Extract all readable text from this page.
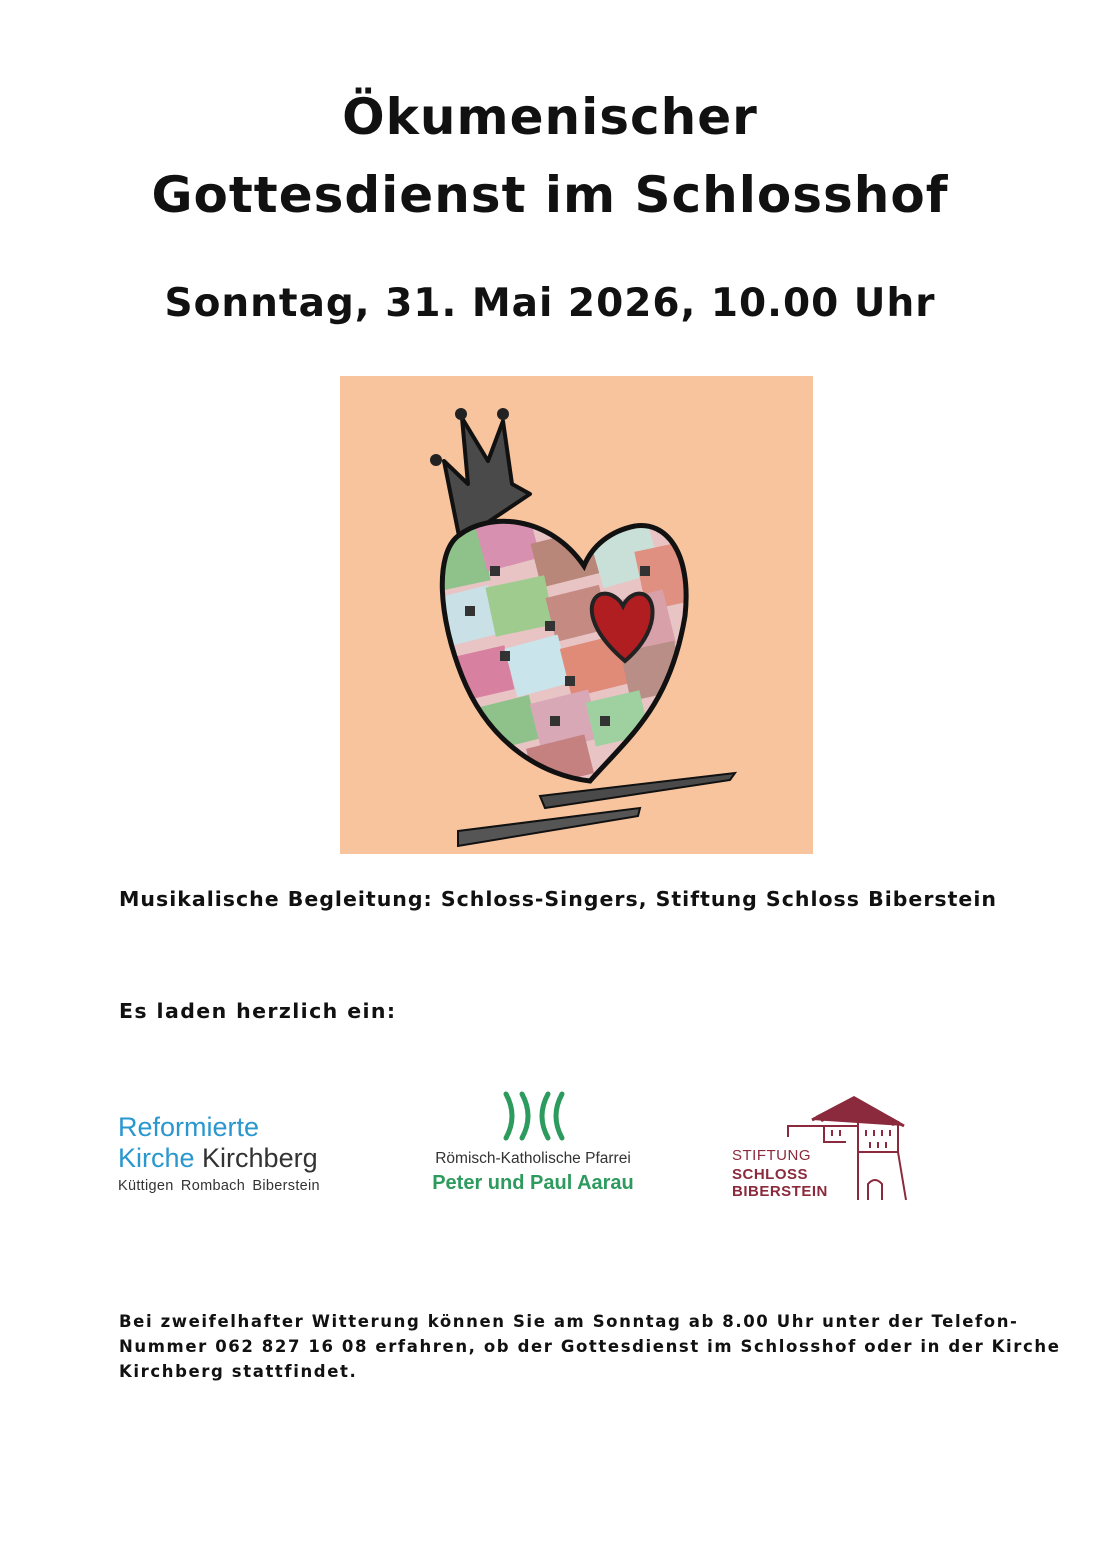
Ökumenischer
Gottesdienst im Schlosshof
Sonntag, 31. Mai 2026, 10.00 Uhr
Musikalische Begleitung: Schloss-Singers, Stiftung Schloss Biberstein
Es laden herzlich ein:
Reformierte
Kirche Kirchberg
Küttigen Rombach Biberstein
Römisch-Katholische Pfarrei
Peter und Paul Aarau
STIFTUNG
SCHLOSS
BIBERSTEIN
Bei zweifelhafter Witterung können Sie am Sonntag ab 8.00 Uhr unter der Telefon-
Nummer 062 827 16 08 erfahren, ob der Gottesdienst im Schlosshof oder in der Kirche
Kirchberg stattfindet.
